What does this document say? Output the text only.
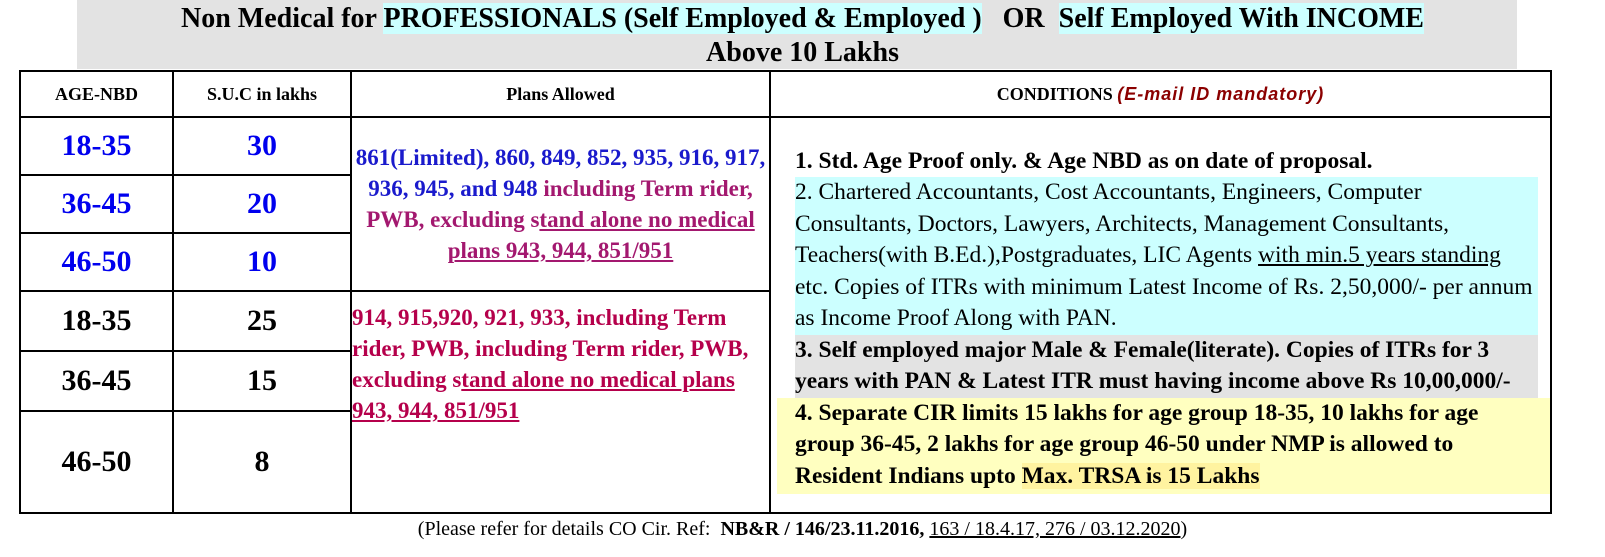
Non Medical for PROFESSIONALS (Self Employed & Employed )   OR  Self Employed With INCOME
Above 10 Lakhs
AGE-NBD	S.U.C in lakhs	Plans Allowed	CONDITIONS (E-mail ID mandatory)
18-35	30	861(Limited), 860, 849, 852, 935, 916, 917, 936, 945, and 948 including Term rider, PWB, excluding stand alone no medical plans 943, 944, 851/951	1. Std. Age Proof only. & Age NBD as on date of proposal.
2. Chartered Accountants, Cost Accountants, Engineers, Computer Consultants, Doctors, Lawyers, Architects, Management Consultants, Teachers(with B.Ed.),Postgraduates, LIC Agents with min.5 years standing etc. Copies of ITRs with minimum Latest Income of Rs. 2,50,000/- per annum as Income Proof Along with PAN.
3. Self employed major Male & Female(literate). Copies of ITRs for 3 years with PAN & Latest ITR must having income above Rs 10,00,000/-
4. Separate CIR limits 15 lakhs for age group 18-35, 10 lakhs for age group 36-45, 2 lakhs for age group 46-50 under NMP is allowed to Resident Indians upto Max. TRSA is 15 Lakhs

36-45	20		
46-50	10		
18-35	25	914, 915,920, 921, 933, including Term rider, PWB, including Term rider, PWB, excluding stand alone no medical plans 943, 944, 851/951	
36-45	15		
46-50	8		
(Please refer for details CO Cir. Ref:  NB&R / 146/23.11.2016, 163 / 18.4.17, 276 / 03.12.2020)
